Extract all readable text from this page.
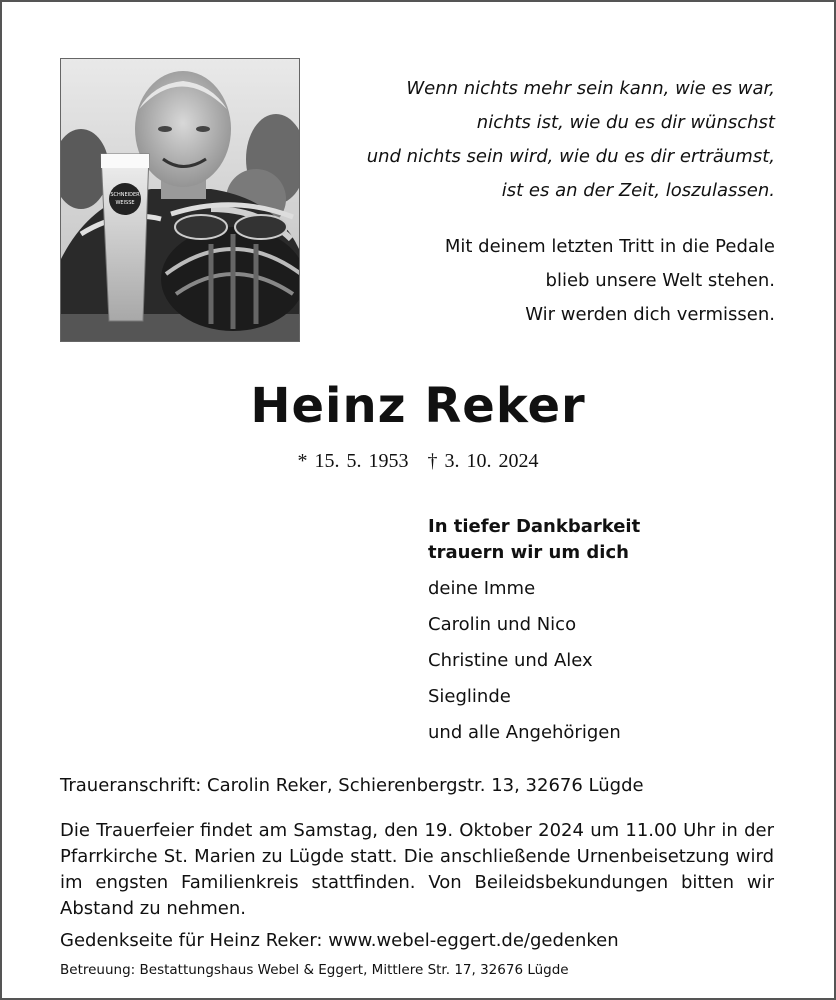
SCHNEIDER
WEISSE
Wenn nichts mehr sein kann, wie es war,
nichts ist, wie du es dir wünschst
und nichts sein wird, wie du es dir erträumst,
ist es an der Zeit, loszulassen.
Mit deinem letzten Tritt in die Pedale
blieb unsere Welt stehen.
Wir werden dich vermissen.
Heinz Reker
* 15. 5. 1953 † 3. 10. 2024
In tiefer Dankbarkeit
trauern wir um dich
deine Imme
Carolin und Nico
Christine und Alex
Sieglinde
und alle Angehörigen
Traueranschrift: Carolin Reker, Schierenbergstr. 13, 32676 Lügde
Die Trauerfeier findet am Samstag, den 19. Oktober 2024 um 11.00 Uhr in der Pfarrkirche St. Marien zu Lügde statt. Die anschließende Urnenbeisetzung wird im engsten Familienkreis stattfinden. Von Beileidsbekundungen bitten wir Abstand zu nehmen.
Gedenkseite für Heinz Reker: www.webel-eggert.de/gedenken
Betreuung: Bestattungshaus Webel & Eggert, Mittlere Str. 17, 32676 Lügde
